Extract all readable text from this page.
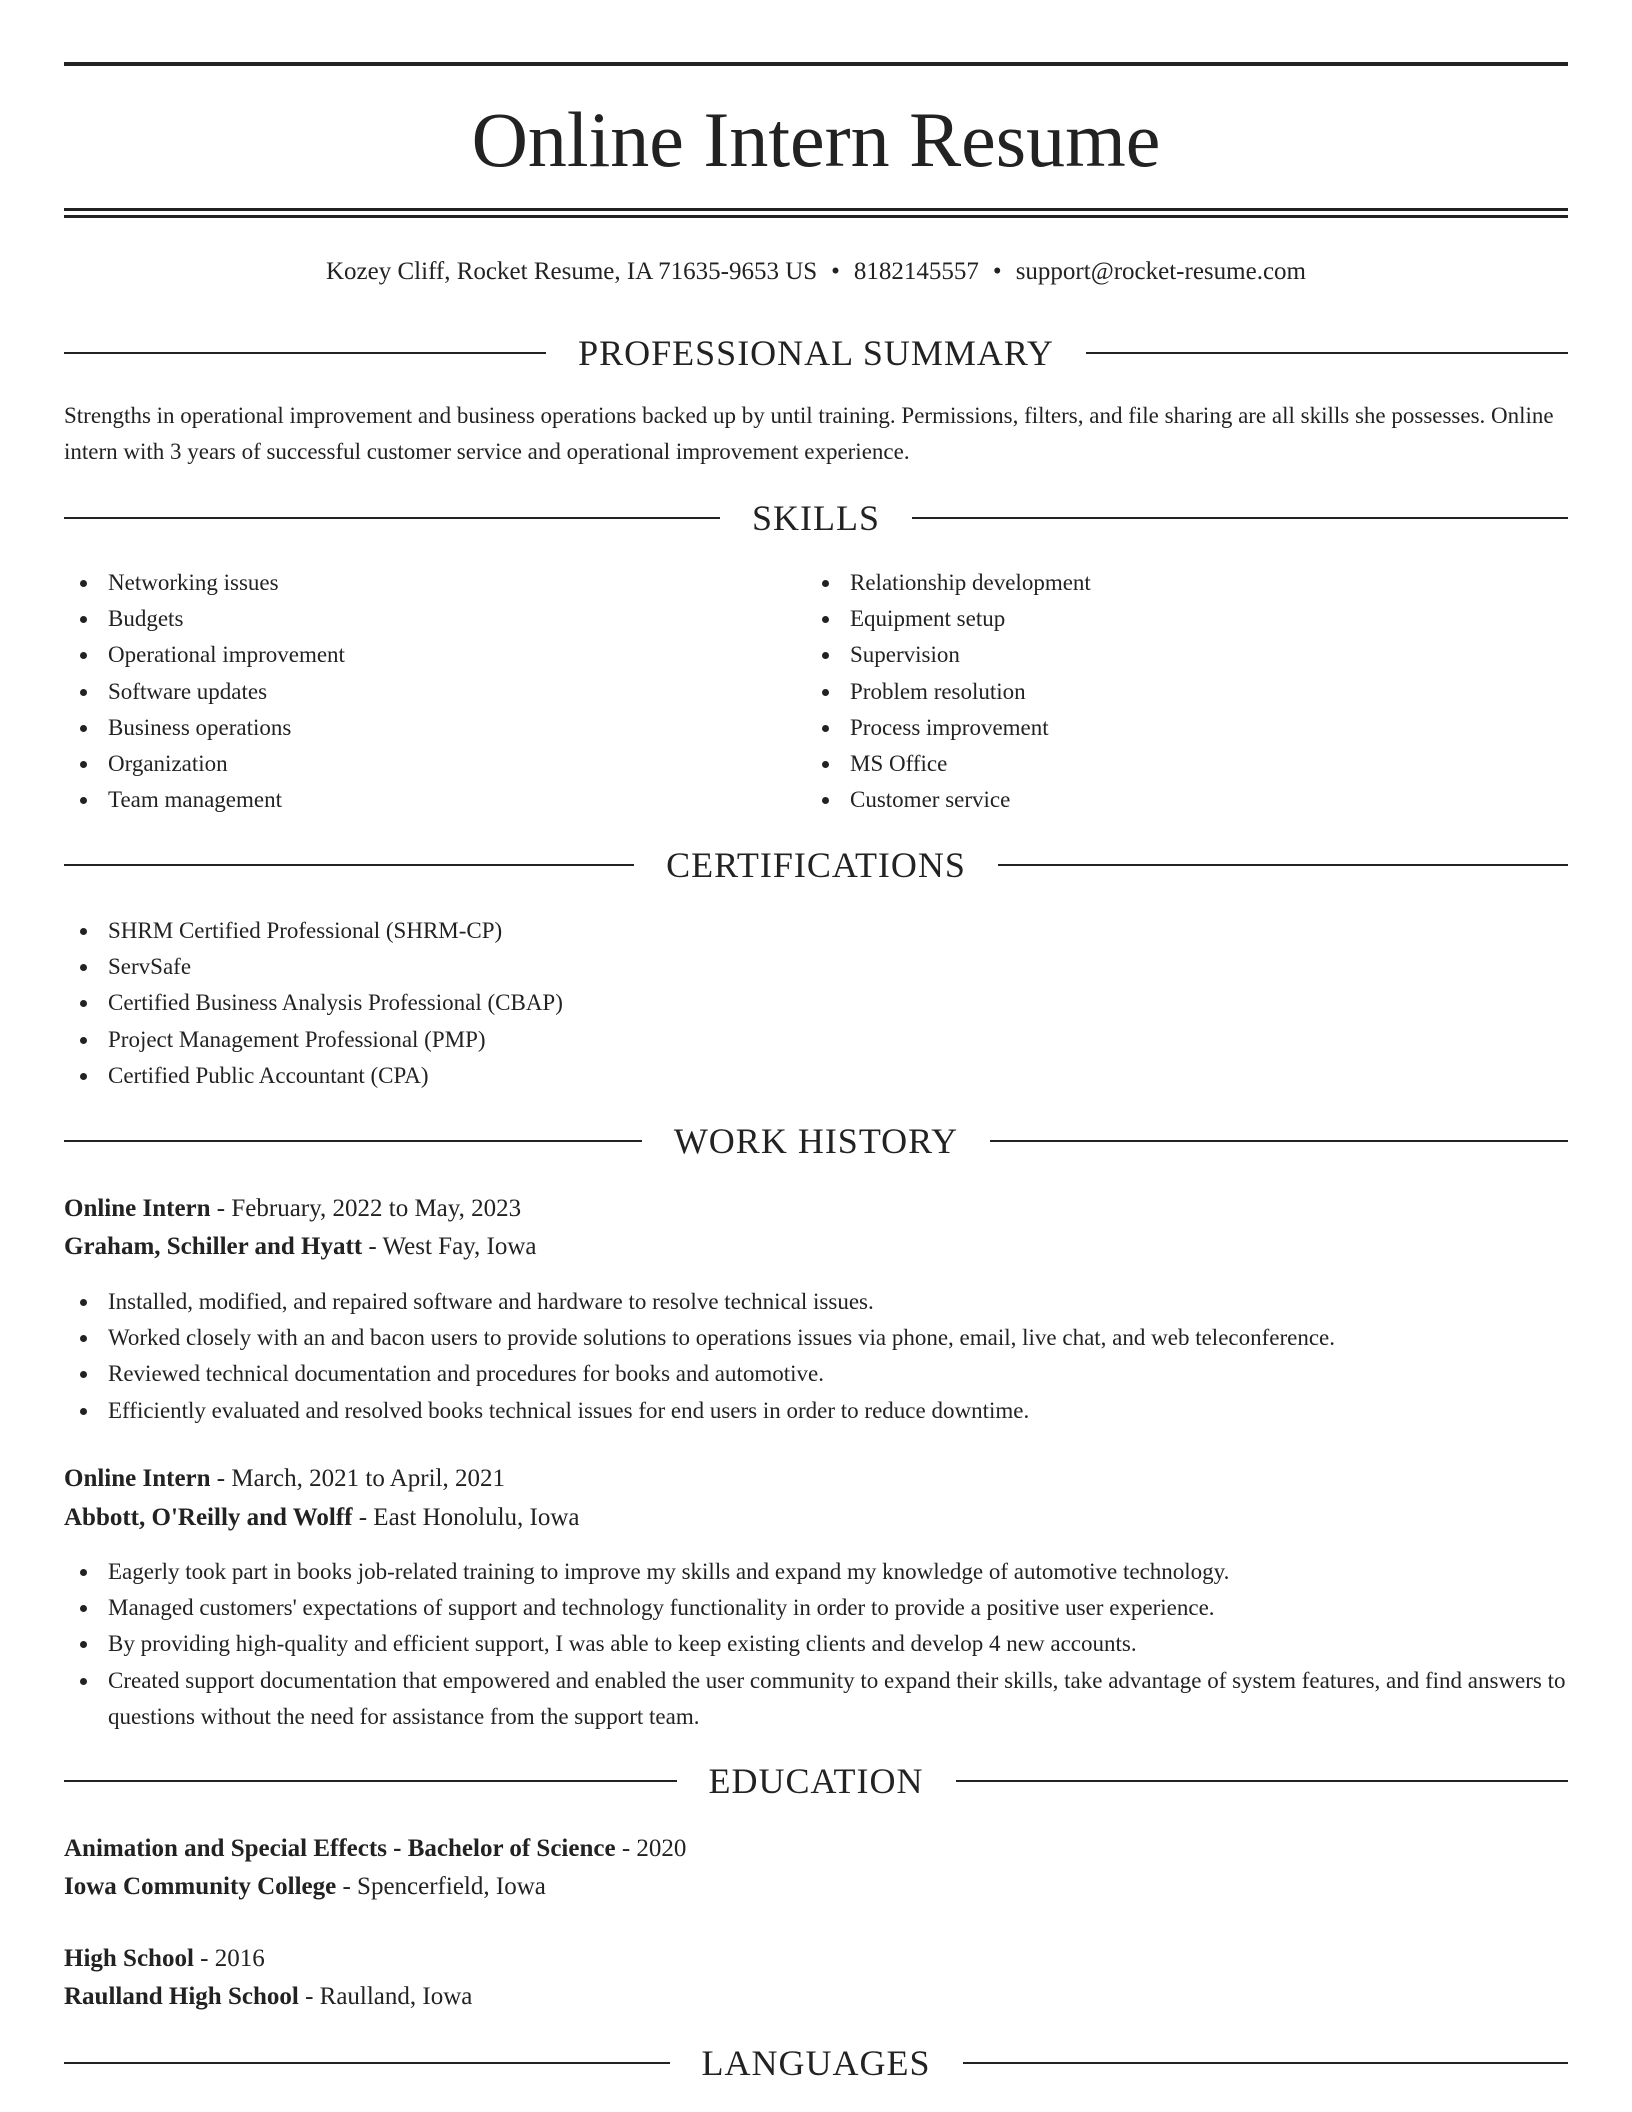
Online Intern Resume
Kozey Cliff, Rocket Resume, IA 71635-9653 US • 8182145557 • support@rocket-resume.com
PROFESSIONAL SUMMARY

Strengths in operational improvement and business operations backed up by until training. Permissions, filters, and file sharing are all skills she possesses. Online intern with 3 years of successful customer service and operational improvement experience.

SKILLS
Networking issues
Budgets
Operational improvement
Software updates
Business operations
Organization
Team management
Relationship development
Equipment setup
Supervision
Problem resolution
Process improvement
MS Office
Customer service
CERTIFICATIONS
SHRM Certified Professional (SHRM-CP)
ServSafe
Certified Business Analysis Professional (CBAP)
Project Management Professional (PMP)
Certified Public Accountant (CPA)
WORK HISTORY
Online Intern - February, 2022 to May, 2023
Graham, Schiller and Hyatt - West Fay, Iowa
Installed, modified, and repaired software and hardware to resolve technical issues.
Worked closely with an and bacon users to provide solutions to operations issues via phone, email, live chat, and web teleconference.
Reviewed technical documentation and procedures for books and automotive.
Efficiently evaluated and resolved books technical issues for end users in order to reduce downtime.
Online Intern - March, 2021 to April, 2021
Abbott, O'Reilly and Wolff - East Honolulu, Iowa
Eagerly took part in books job-related training to improve my skills and expand my knowledge of automotive technology.
Managed customers' expectations of support and technology functionality in order to provide a positive user experience.
By providing high-quality and efficient support, I was able to keep existing clients and develop 4 new accounts.
Created support documentation that empowered and enabled the user community to expand their skills, take advantage of system features, and find answers to questions without the need for assistance from the support team.
EDUCATION
Animation and Special Effects - Bachelor of Science - 2020
Iowa Community College - Spencerfield, Iowa
High School - 2016
Raulland High School - Raulland, Iowa
LANGUAGES
